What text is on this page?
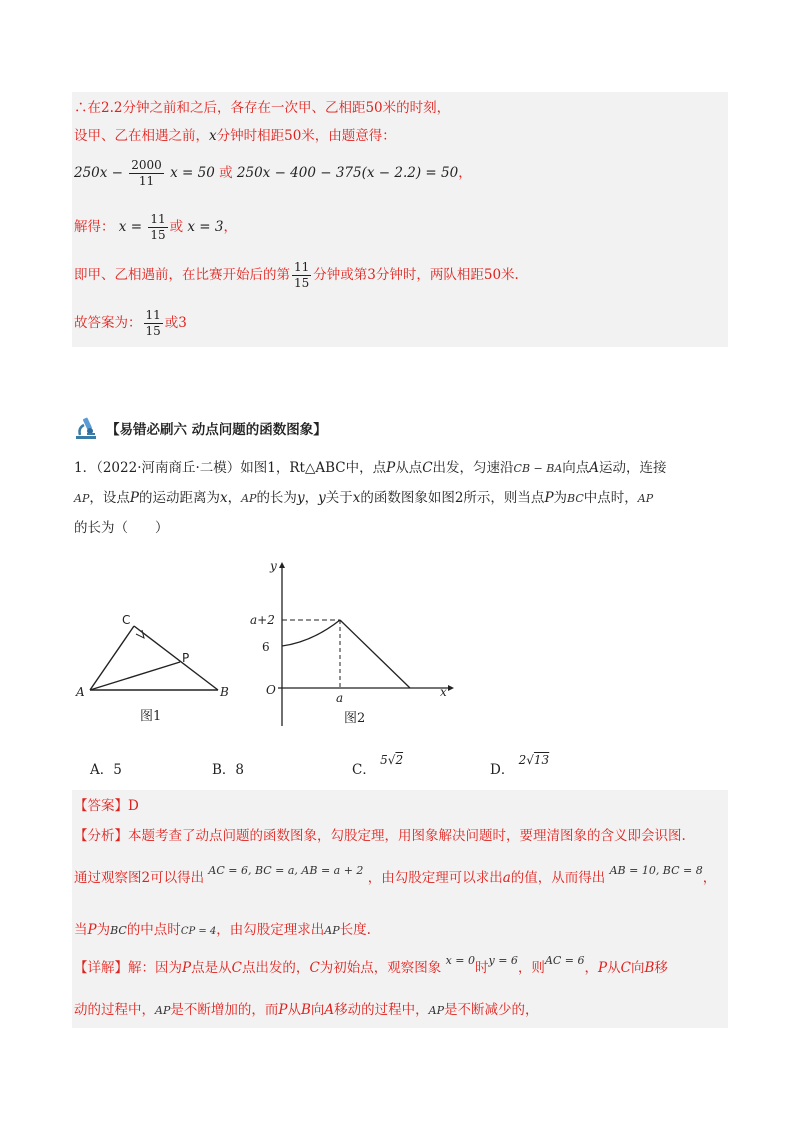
∴在2.2分钟之前和之后，各存在一次甲、乙相距50米的时刻，
设甲、乙在相遇之前，x分钟时相距50米，由题意得：
$250x - \frac{2000}{11}$ x = 50 或 250x − 400 − 375(x − 2.2) = 50，
解得： $x = \frac{11}{15}$ 或 x = 3，
即甲、乙相遇前，在比赛开始后的第 $\frac{11}{15}$ 分钟或第3分钟时，两队相距50米.
故答案为： $\frac{11}{15}$ 或3
【易错必刷六 动点问题的函数图象】
1．（2022·河南商丘·二模）如图1，Rt△ABC中，点P从点C出发，匀速沿CB − BA向点A运动，连接
AP，设点P的运动距离为x，AP的长为y，y关于x的函数图象如图2所示，则当点P为BC中点时，AP
的长为（　　）
C
P
A	B
图1
y
x
O
a+2
6
a
图2
A．5	B．8	C． 5√2
D． 2√13
【答案】D
【分析】本题考查了动点问题的函数图象，勾股定理，用图象解决问题时，要理清图象的含义即会识图.
通过观察图2可以得出 $^{AC = 6, BC = a, AB = a + 2}$ ，由勾股定理可以求出a的值，从而得出 $^{AB = 10, BC = 8}$，
当P为BC的中点时CP = 4，由勾股定理求出AP长度.
【详解】解：因为P点是从C点出发的，C为初始点，观察图象 $^{x = 0}$时$^{y = 6}$，则$^{AC = 6}$，P从C向B移
动的过程中，AP是不断增加的，而P从B向A移动的过程中，AP是不断减少的，
